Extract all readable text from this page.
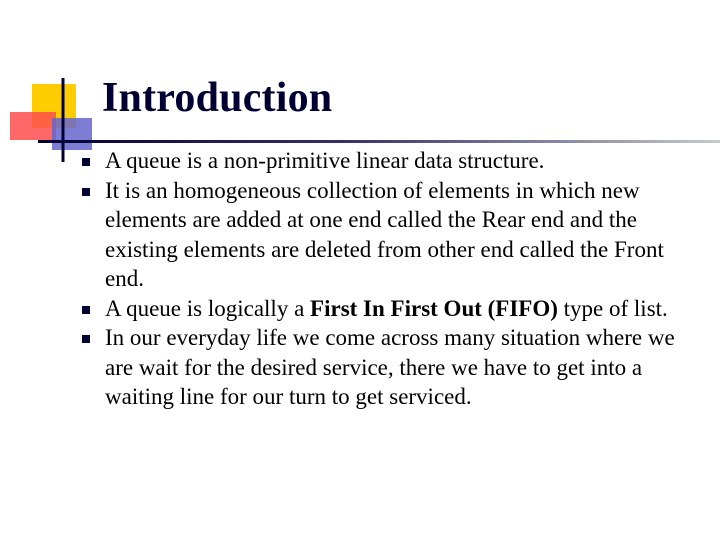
Introduction
A queue is a non-primitive linear data structure.
It is an homogeneous collection of elements in which new elements are added at one end called the Rear end and the existing elements are deleted from other end called the Front end.
A queue is logically a First In First Out (FIFO) type of list.
In our everyday life we come across many situation where we are wait for the desired service, there we have to get into a waiting line for our turn to get serviced.
